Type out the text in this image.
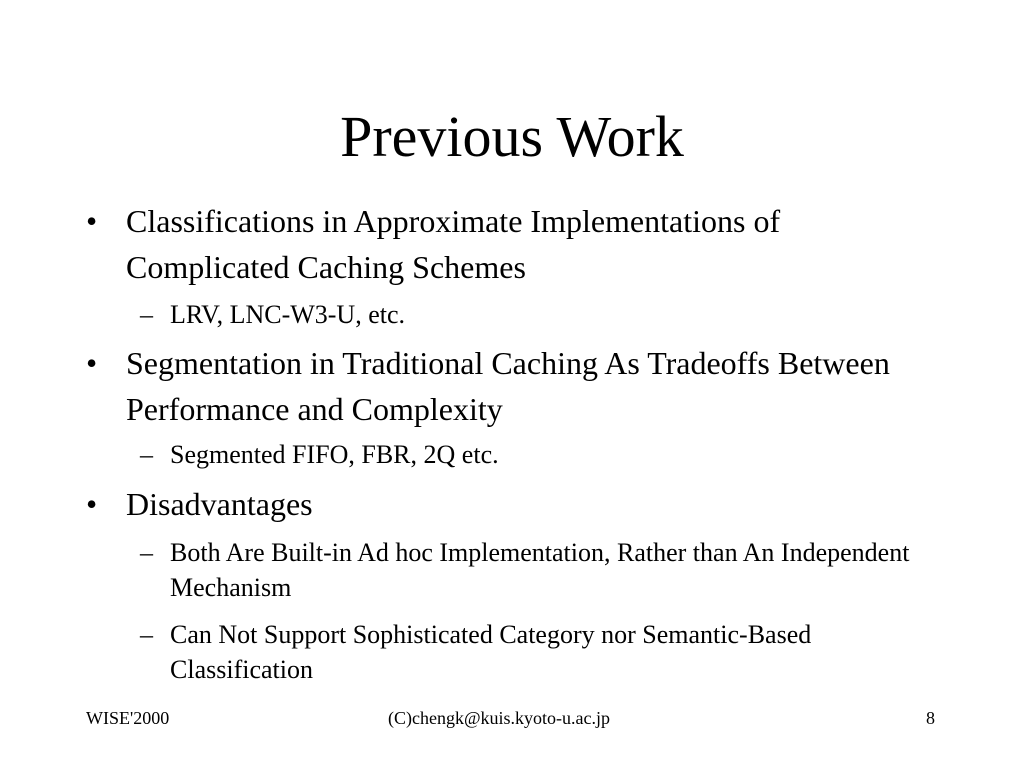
Previous Work
• Classifications in Approximate Implementations of Complicated Caching Schemes
– LRV, LNC-W3-U, etc.
• Segmentation in Traditional Caching As Tradeoffs Between Performance and Complexity
– Segmented FIFO, FBR, 2Q etc.
• Disadvantages
– Both Are Built-in Ad hoc Implementation, Rather than An Independent Mechanism
– Can Not Support Sophisticated Category nor Semantic-Based Classification
WISE'2000	(C)chengk@kuis.kyoto-u.ac.jp	8
